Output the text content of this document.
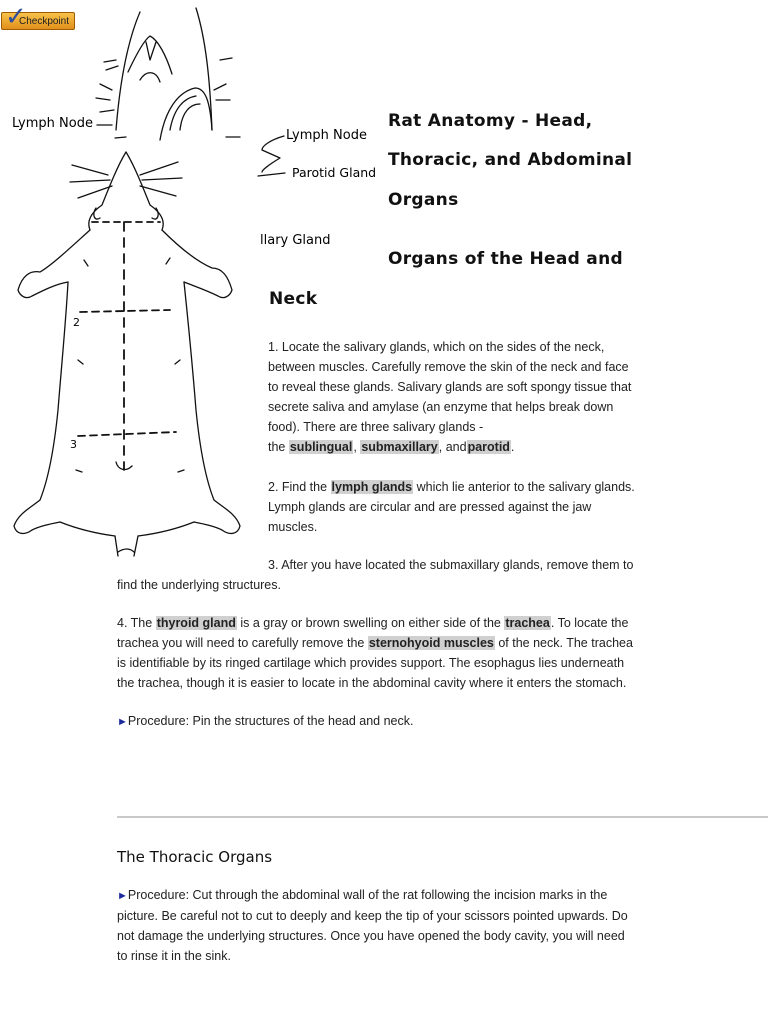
✓
Checkpoint
Lymph Node
Lymph Node
Parotid Gland
llary Gland
2
3
Rat Anatomy - Head,
Thoracic, and Abdominal
Organs
Organs of the Head and
Neck
1. Locate the salivary glands, which on the sides of the neck,
between muscles. Carefully remove the skin of the neck and face
to reveal these glands. Salivary glands are soft spongy tissue that
secrete saliva and amylase (an enzyme that helps break down
food). There are three salivary glands -
the sublingual, submaxillary, andparotid.
2. Find the lymph glands which lie anterior to the salivary glands.
Lymph glands are circular and are pressed against the jaw
muscles.
3. After you have located the submaxillary glands, remove them to
find the underlying structures.
4. The thyroid gland is a gray or brown swelling on either side of the trachea. To locate the
trachea you will need to carefully remove the sternohyoid muscles of the neck. The trachea
is identifiable by its ringed cartilage which provides support. The esophagus lies underneath
the trachea, though it is easier to locate in the abdominal cavity where it enters the stomach.
►Procedure: Pin the structures of the head and neck.
The Thoracic Organs
►Procedure: Cut through the abdominal wall of the rat following the incision marks in the
picture. Be careful not to cut to deeply and keep the tip of your scissors pointed upwards. Do
not damage the underlying structures. Once you have opened the body cavity, you will need
to rinse it in the sink.
